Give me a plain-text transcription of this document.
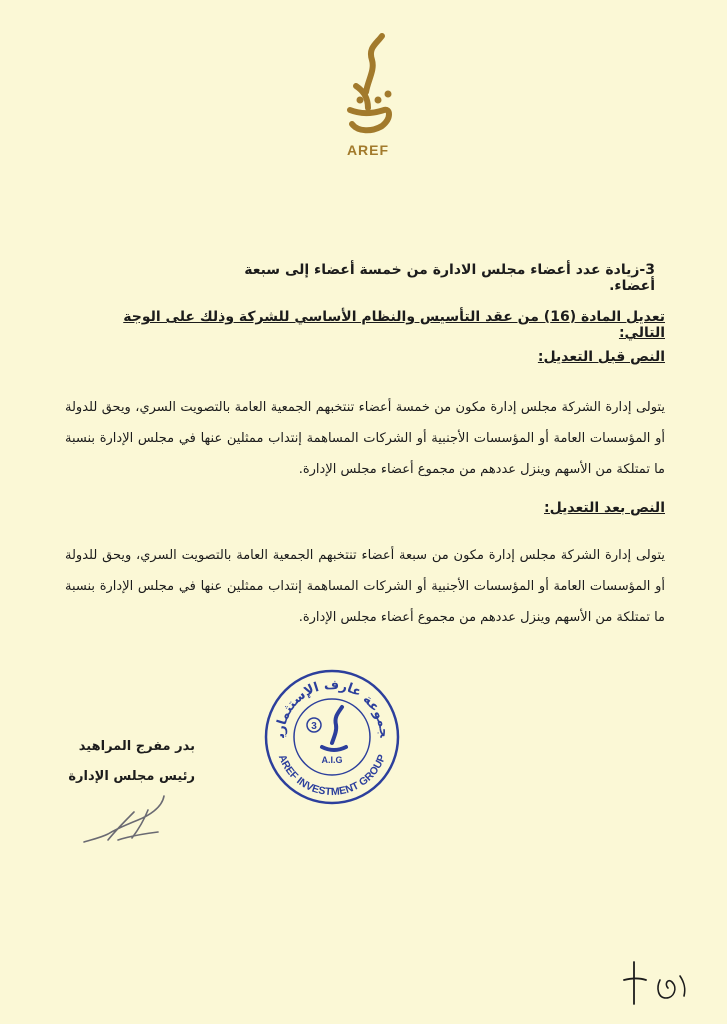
AREF
3-زيادة عدد أعضاء مجلس الادارة من خمسة أعضاء إلى سبعة أعضاء.
تعديل المادة (16) من عقد التأسيس والنظام الأساسي للشركة وذلك على الوجة التالي:
النص قبل التعديل:
يتولى إدارة الشركة مجلس إدارة مكون من خمسة أعضاء تنتخبهم الجمعية العامة بالتصويت السري، ويحق للدولة أو المؤسسات العامة أو المؤسسات الأجنبية أو الشركات المساهمة إنتداب ممثلين عنها في مجلس الإدارة بنسبة ما تمتلكة من الأسهم وينزل عددهم من مجموع أعضاء مجلس الإدارة.
النص بعد التعديل:
يتولى إدارة الشركة مجلس إدارة مكون من سبعة أعضاء تنتخبهم الجمعية العامة بالتصويت السري، ويحق للدولة أو المؤسسات العامة أو المؤسسات الأجنبية أو الشركات المساهمة إنتداب ممثلين عنها في مجلس الإدارة بنسبة ما تمتلكة من الأسهم وينزل عددهم من مجموع أعضاء مجلس الإدارة.
جموعة عارف الإستثمارية
AREF INVESTMENT GROUP
3
A.I.G
بدر مفرج المراهيد
رئيس مجلس الإدارة
